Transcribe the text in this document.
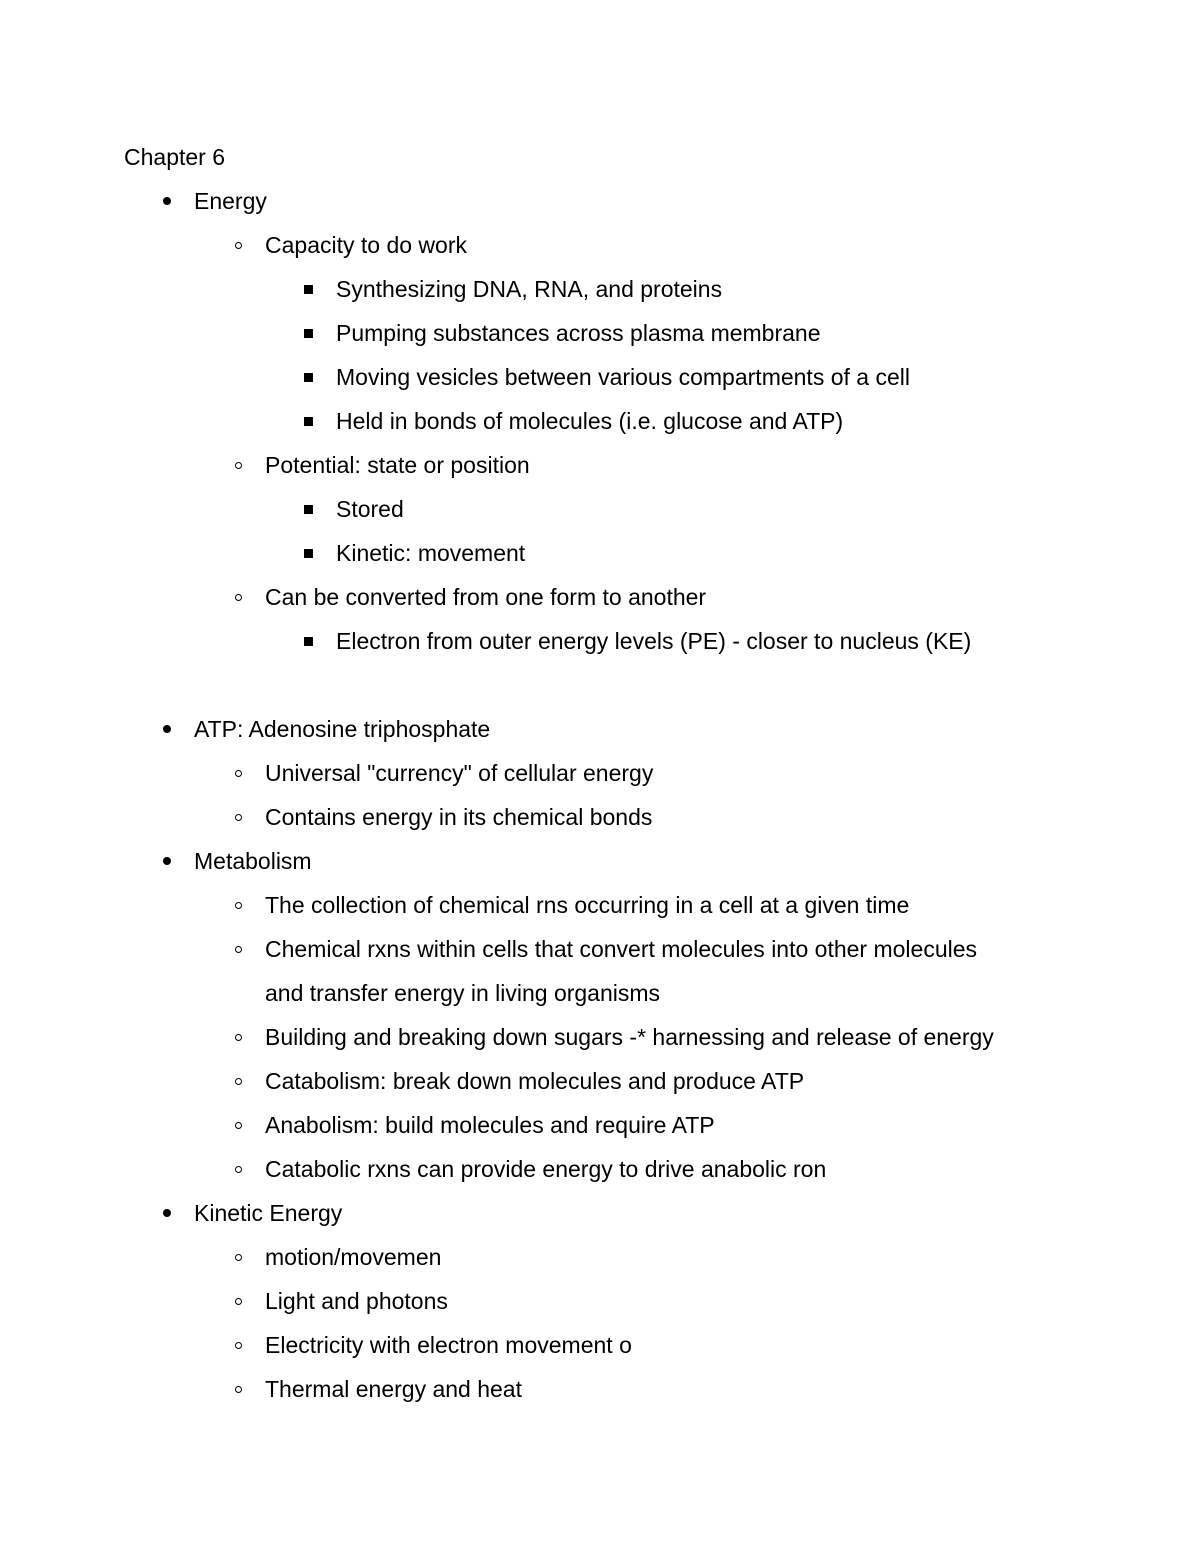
Chapter 6
Energy
Capacity to do work
Synthesizing DNA, RNA, and proteins
Pumping substances across plasma membrane
Moving vesicles between various compartments of a cell
Held in bonds of molecules (i.e. glucose and ATP)
Potential: state or position
Stored
Kinetic: movement
Can be converted from one form to another
Electron from outer energy levels (PE) - closer to nucleus (KE)
ATP: Adenosine triphosphate
Universal "currency" of cellular energy
Contains energy in its chemical bonds
Metabolism
The collection of chemical rns occurring in a cell at a given time
Chemical rxns within cells that convert molecules into other molecules
and transfer energy in living organisms
Building and breaking down sugars -* harnessing and release of energy
Catabolism: break down molecules and produce ATP
Anabolism: build molecules and require ATP
Catabolic rxns can provide energy to drive anabolic ron
Kinetic Energy
motion/movemen
Light and photons
Electricity with electron movement o
Thermal energy and heat
